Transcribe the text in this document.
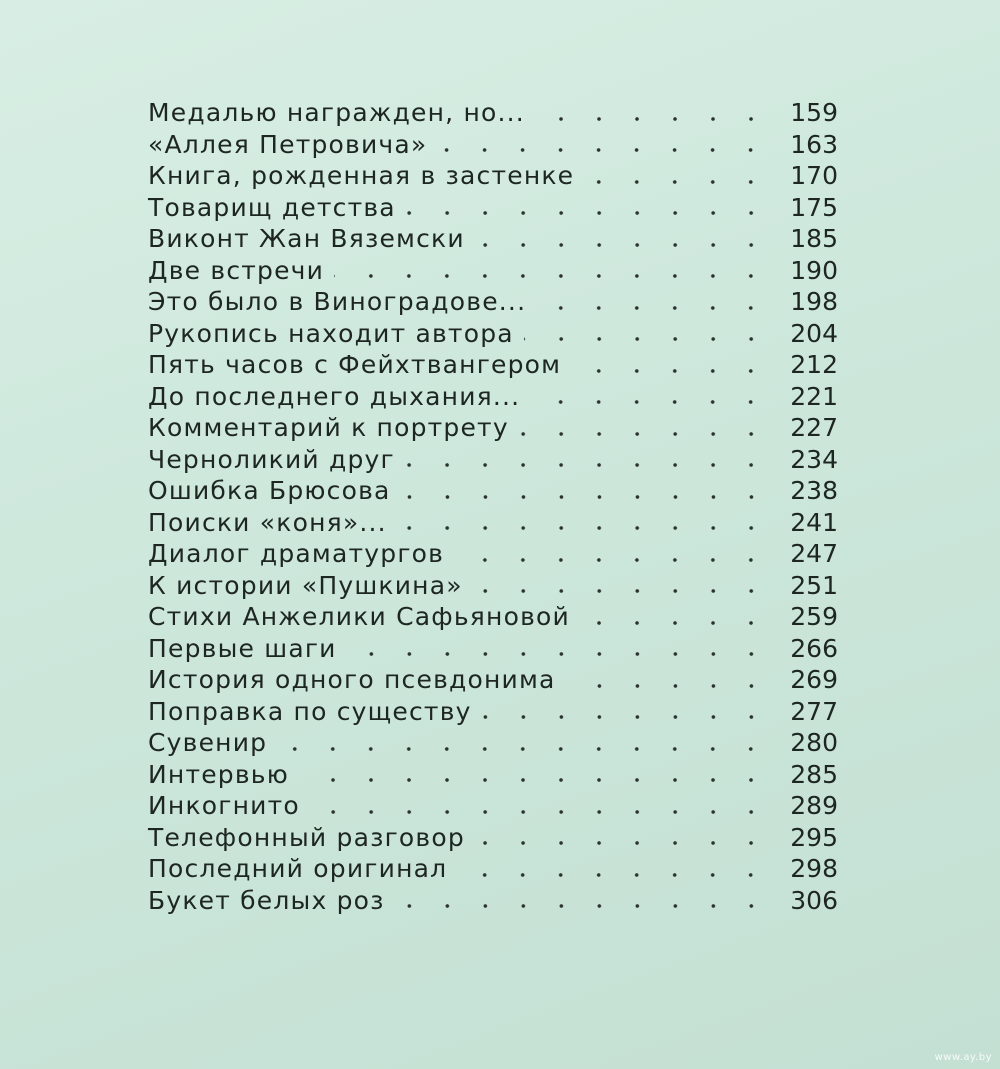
Медалью награжден, но...	159
«Аллея Петровича»	163
Книга, рожденная в застенке	170
Товарищ детства	175
Виконт Жан Вяземски	185
Две встречи	190
Это было в Виноградове...	198
Рукопись находит автора	204
Пять часов с Фейхтвангером	212
До последнего дыхания...	221
Комментарий к портрету	227
Черноликий друг	234
Ошибка Брюсова	238
Поиски «коня»...	241
Диалог драматургов	247
К истории «Пушкина»	251
Стихи Анжелики Сафьяновой	259
Первые шаги	266
История одного псевдонима	269
Поправка по существу	277
Сувенир	280
Интервью	285
Инкогнито	289
Телефонный разговор	295
Последний оригинал	298
Букет белых роз	306
www.ay.by
